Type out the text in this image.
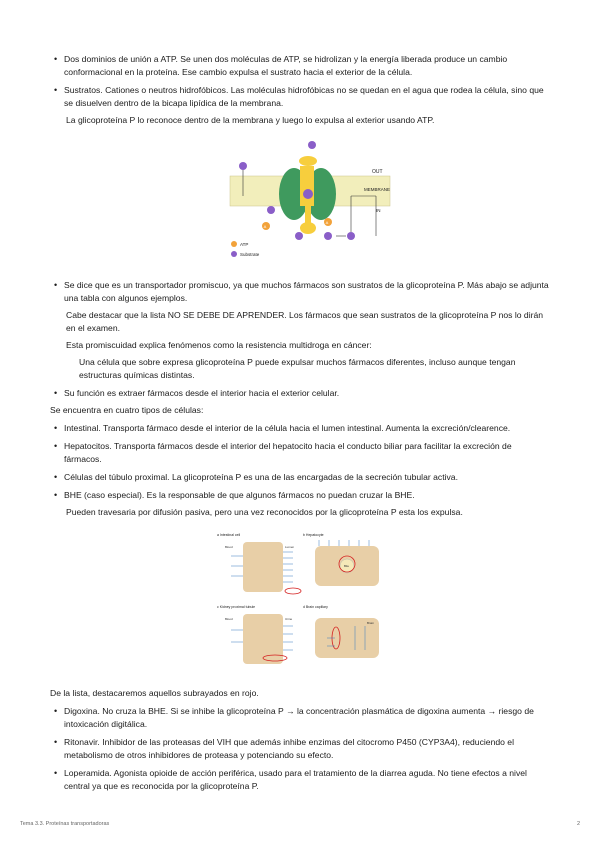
• Dos dominios de unión a ATP. Se unen dos moléculas de ATP, se hidrolizan y la energía liberada produce un cambio conformacional en la proteína. Ese cambio expulsa el sustrato hacia el exterior de la célula.
• Sustratos. Cationes o neutros hidrofóbicos. Las moléculas hidrofóbicas no se quedan en el agua que rodea la célula, sino que se disuelven dentro de la bicapa lipídica de la membrana.
La glicoproteína P lo reconoce dentro de la membrana y luego lo expulsa al exterior usando ATP.
A
A
OUT
MEMBRANE
IN
ATP
Substrate
• Se dice que es un transportador promiscuo, ya que muchos fármacos son sustratos de la glicoproteína P. Más abajo se adjunta una tabla con algunos ejemplos.
Cabe destacar que la lista NO SE DEBE DE APRENDER. Los fármacos que sean sustratos de la glicoproteína P nos lo dirán en el examen.
Esta promiscuidad explica fenómenos como la resistencia multidroga en cáncer:
Una célula que sobre expresa glicoproteína P puede expulsar muchos fármacos diferentes, incluso aunque tengan estructuras químicas distintas.
• Su función es extraer fármacos desde el interior hacia el exterior celular.
Se encuentra en cuatro tipos de células:
• Intestinal. Transporta fármaco desde el interior de la célula hacia el lumen intestinal. Aumenta la excreción/clearence.
• Hepatocitos. Transporta fármacos desde el interior del hepatocito hacia el conducto biliar para facilitar la excreción de fármacos.
• Células del túbulo proximal. La glicoproteína P es una de las encargadas de la secreción tubular activa.
• BHE (caso especial). Es la responsable de que algunos fármacos no puedan cruzar la BHE.
Pueden travesaria por difusión pasiva, pero una vez reconocidos por la glicoproteína P esta los expulsa.
a Intestinal cell
Blood	Lumen
b Hepatocyte
Bile
c Kidney proximal tubule
Blood	Urine
d Brain capillary
Brain
De la lista, destacaremos aquellos subrayados en rojo.
• Digoxina. No cruza la BHE. Si se inhibe la glicoproteína P → la concentración plasmática de digoxina aumenta → riesgo de intoxicación digitálica.
• Ritonavir. Inhibidor de las proteasas del VIH que además inhibe enzimas del citocromo P450 (CYP3A4), reduciendo el metabolismo de otros inhibidores de proteasa y potenciando su efecto.
• Loperamida. Agonista opioide de acción periférica, usado para el tratamiento de la diarrea aguda. No tiene efectos a nivel central ya que es reconocida por la glicoproteína P.
Tema 3.3. Proteínas transportadoras	2
